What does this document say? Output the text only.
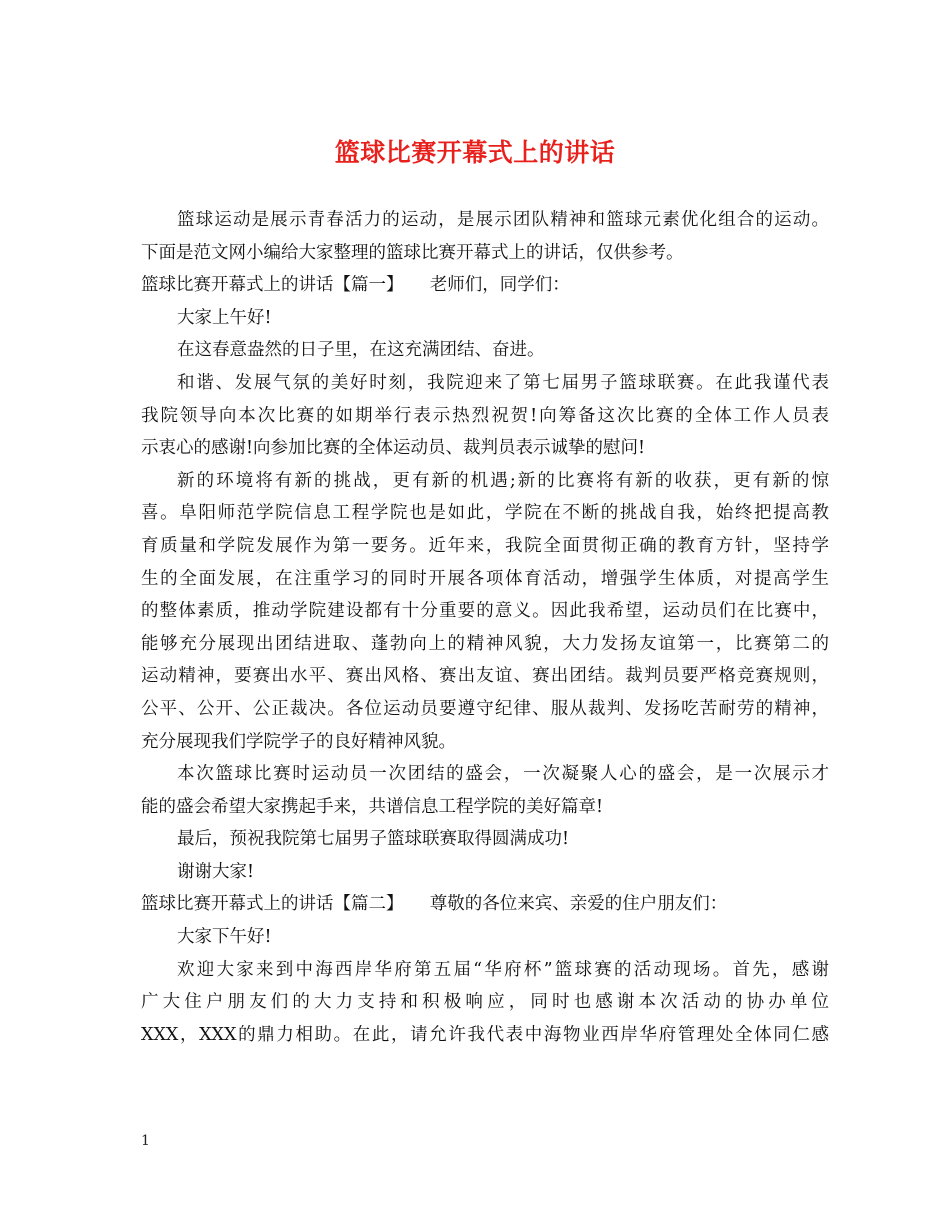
篮球比赛开幕式上的讲话
篮球运动是展示青春活力的运动，是展示团队精神和篮球元素优化组合的运动。
下面是范文网小编给大家整理的篮球比赛开幕式上的讲话，仅供参考。
篮球比赛开幕式上的讲话【篇一】　　老师们，同学们：
大家上午好!
在这春意盎然的日子里，在这充满团结、奋进。
和谐、发展气氛的美好时刻，我院迎来了第七届男子篮球联赛。在此我谨代表
我院领导向本次比赛的如期举行表示热烈祝贺!向筹备这次比赛的全体工作人员表
示衷心的感谢!向参加比赛的全体运动员、裁判员表示诚挚的慰问!
新的环境将有新的挑战，更有新的机遇;新的比赛将有新的收获，更有新的惊
喜。阜阳师范学院信息工程学院也是如此，学院在不断的挑战自我，始终把提高教
育质量和学院发展作为第一要务。近年来，我院全面贯彻正确的教育方针，坚持学
生的全面发展，在注重学习的同时开展各项体育活动，增强学生体质，对提高学生
的整体素质，推动学院建设都有十分重要的意义。因此我希望，运动员们在比赛中，
能够充分展现出团结进取、蓬勃向上的精神风貌，大力发扬友谊第一，比赛第二的
运动精神，要赛出水平、赛出风格、赛出友谊、赛出团结。裁判员要严格竞赛规则，
公平、公开、公正裁决。各位运动员要遵守纪律、服从裁判、发扬吃苦耐劳的精神，
充分展现我们学院学子的良好精神风貌。
本次篮球比赛时运动员一次团结的盛会，一次凝聚人心的盛会，是一次展示才
能的盛会希望大家携起手来，共谱信息工程学院的美好篇章!
最后，预祝我院第七届男子篮球联赛取得圆满成功!
谢谢大家!
篮球比赛开幕式上的讲话【篇二】　　尊敬的各位来宾、亲爱的住户朋友们：
大家下午好!
欢迎大家来到中海西岸华府第五届“华府杯”篮球赛的活动现场。首先，感谢
广大住户朋友们的大力支持和积极响应，同时也感谢本次活动的协办单位
XXX，XXX的鼎力相助。在此，请允许我代表中海物业西岸华府管理处全体同仁感
1
